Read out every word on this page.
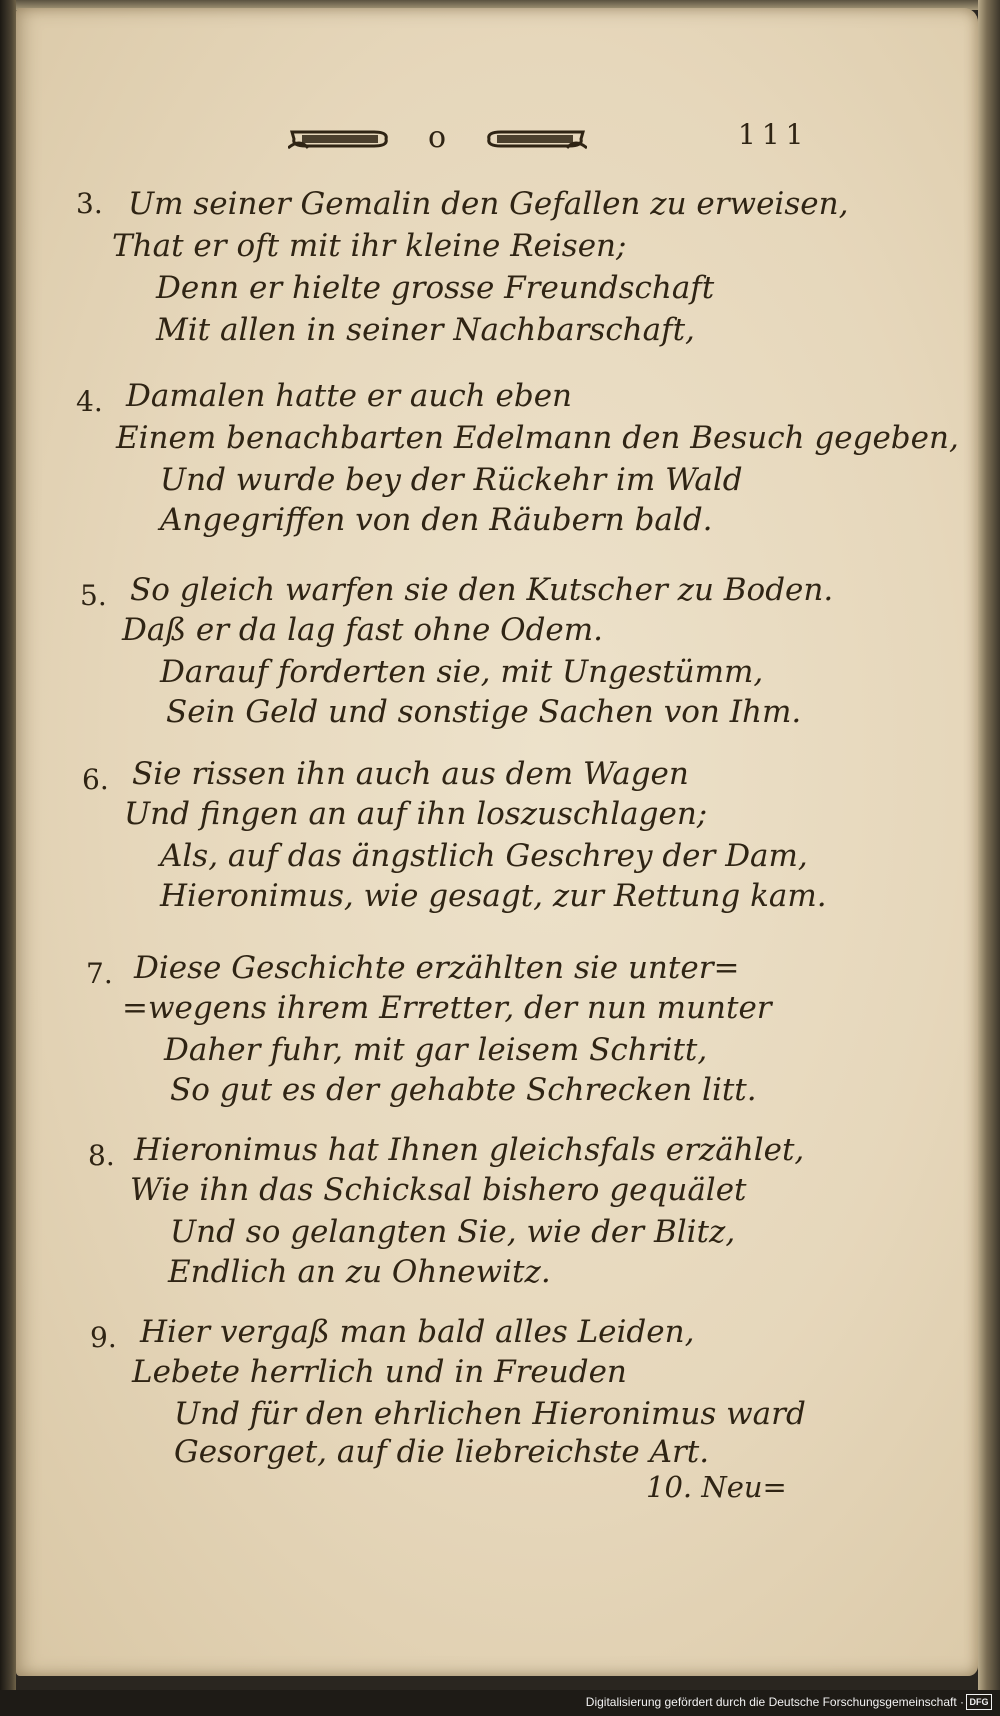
o	111
3. Um seiner Gemalin den Gefallen zu erweisen,
That er oft mit ihr kleine Reisen;
Denn er hielte grosse Freundschaft
Mit allen in seiner Nachbarschaft,
4. Damalen hatte er auch eben
Einem benachbarten Edelmann den Besuch gegeben,
Und wurde bey der Rückehr im Wald
Angegriffen von den Räubern bald.
5. So gleich warfen sie den Kutscher zu Boden.
Daß er da lag fast ohne Odem.
Darauf forderten sie, mit Ungestümm,
Sein Geld und sonstige Sachen von Ihm.
6. Sie rissen ihn auch aus dem Wagen
Und fingen an auf ihn loszuschlagen;
Als, auf das ängstlich Geschrey der Dam,
Hieronimus, wie gesagt, zur Rettung kam.
7. Diese Geschichte erzählten sie unter=
=wegens ihrem Erretter, der nun munter
Daher fuhr, mit gar leisem Schritt,
So gut es der gehabte Schrecken litt.
8. Hieronimus hat Ihnen gleichsfals erzählet,
Wie ihn das Schicksal bishero gequälet
Und so gelangten Sie, wie der Blitz,
Endlich an zu Ohnewitz.
9. Hier vergaß man bald alles Leiden,
Lebete herrlich und in Freuden
Und für den ehrlichen Hieronimus ward
Gesorget, auf die liebreichste Art.
10. Neu=
Digitalisierung gefördert durch die Deutsche Forschungsgemeinschaft · DFG
